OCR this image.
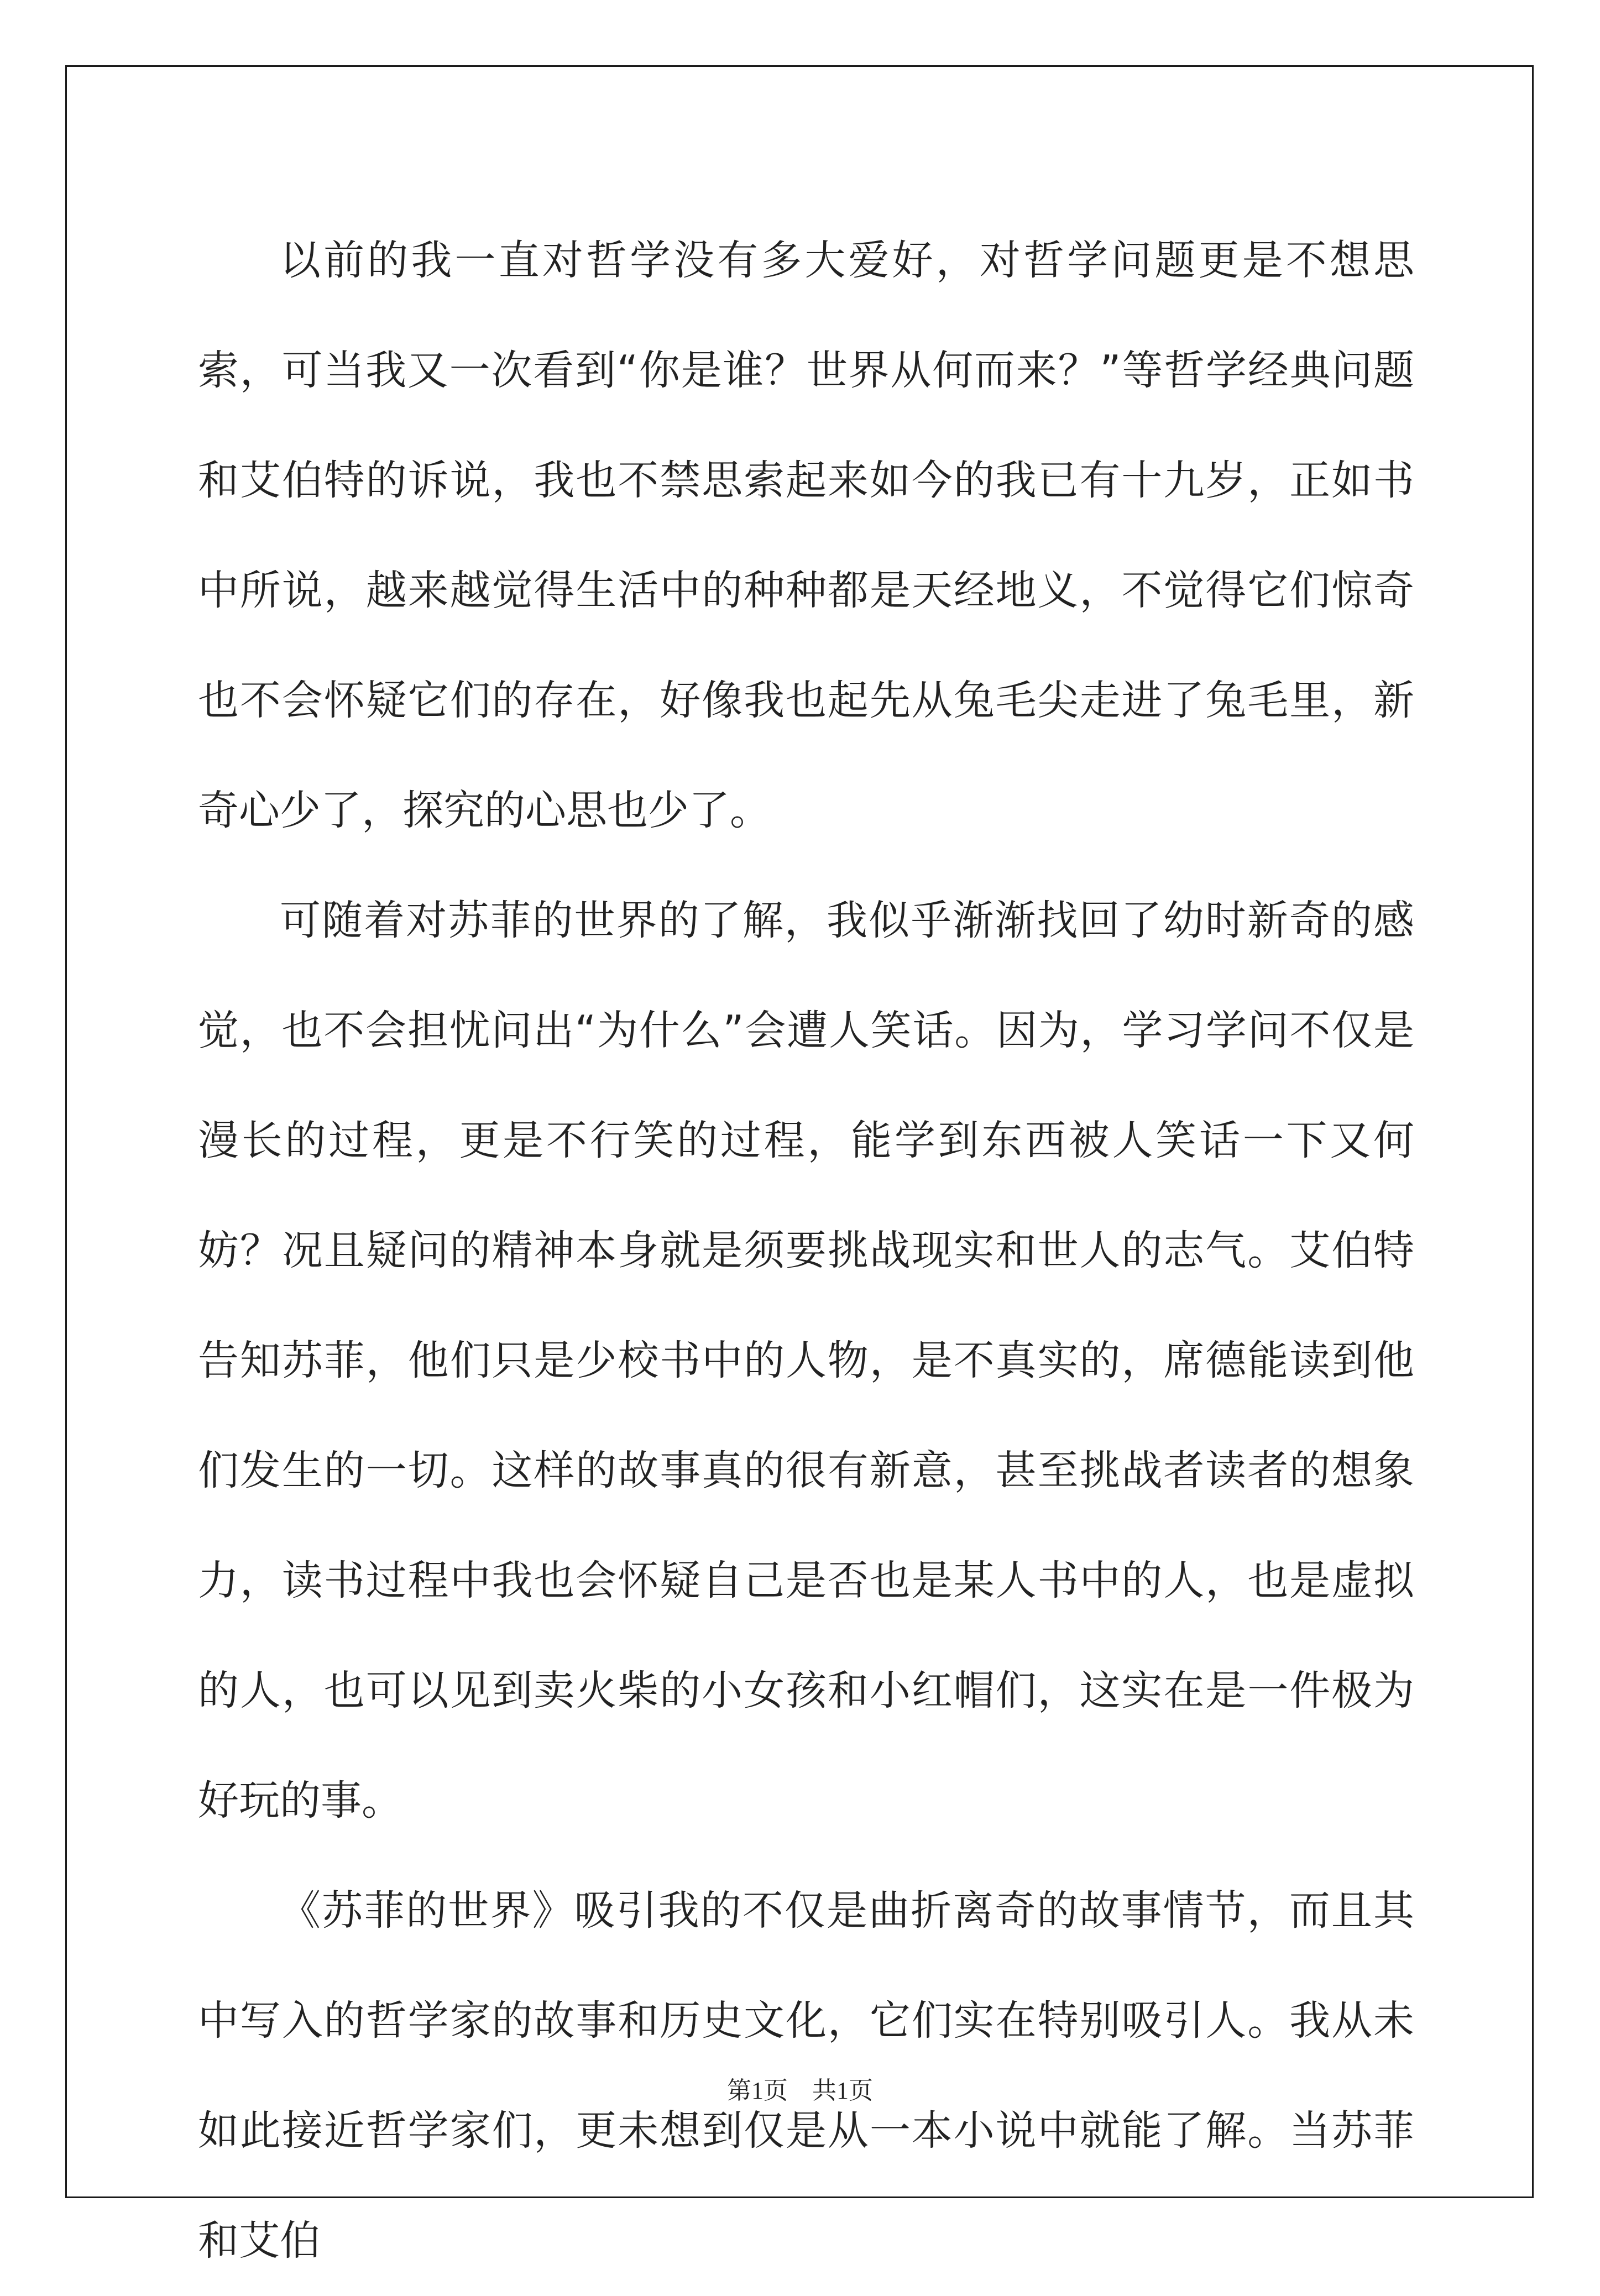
以前的我一直对哲学没有多大爱好，对哲学问题更是不想思索，可当我又一次看到“你是谁？世界从何而来？”等哲学经典问题和艾伯特的诉说，我也不禁思索起来如今的我已有十九岁，正如书中所说，越来越觉得生活中的种种都是天经地义，不觉得它们惊奇也不会怀疑它们的存在，好像我也起先从兔毛尖走进了兔毛里，新奇心少了，探究的心思也少了。

可随着对苏菲的世界的了解，我似乎渐渐找回了幼时新奇的感觉，也不会担忧问出“为什么”会遭人笑话。因为，学习学问不仅是漫长的过程，更是不行笑的过程，能学到东西被人笑话一下又何妨？况且疑问的精神本身就是须要挑战现实和世人的志气。艾伯特告知苏菲，他们只是少校书中的人物，是不真实的，席德能读到他们发生的一切。这样的故事真的很有新意，甚至挑战者读者的想象力，读书过程中我也会怀疑自己是否也是某人书中的人，也是虚拟的人，也可以见到卖火柴的小女孩和小红帽们，这实在是一件极为好玩的事。

《苏菲的世界》吸引我的不仅是曲折离奇的故事情节，而且其中写入的哲学家的故事和历史文化，它们实在特别吸引人。我从未如此接近哲学家们，更未想到仅是从一本小说中就能了解。当苏菲和艾伯

第1页 共1页
